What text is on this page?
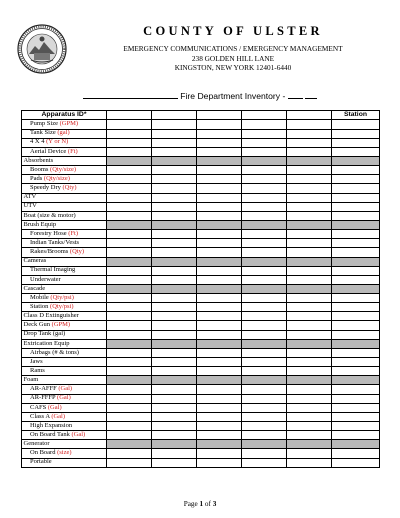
COUNTY OF ULSTER
EMERGENCY COMMUNICATIONS / EMERGENCY MANAGEMENT
238 GOLDEN HILL LANE
KINGSTON, NEW YORK 12401-6440
Fire Department Inventory -
Apparatus ID*						Station
Pump Size (GPM)						
Tank Size (gal)						
4 X 4 (Y or N)						
Aerial Device (Ft)						
Absorbents						
Booms (Qty/size)						
Pads (Qty/size)						
Speedy Dry (Qty)						
ATV						
UTV						
Boat (size & motor)						
Brush Equip						
Forestry Hose (Ft)						
Indian Tanks/Vests						
Rakes/Brooms (Qty)						
Cameras						
Thermal Imaging						
Underwater						
Cascade						
Mobile (Qty/psi)						
Station (Qty/psi)						
Class D Extinguisher						
Deck Gun (GPM)						
Drop Tank (gal)						
Extrication Equip						
Airbags (# & tons)						
Jaws						
Rams						
Foam						
AR-AFFF (Gal)						
AR-FFFP (Gal)						
CAFS (Gal)						
Class A (Gal)						
High Expansion						
On Board Tank (Gal)						
Generator						
On Board (size)						
Portable						
Page 1 of 3
